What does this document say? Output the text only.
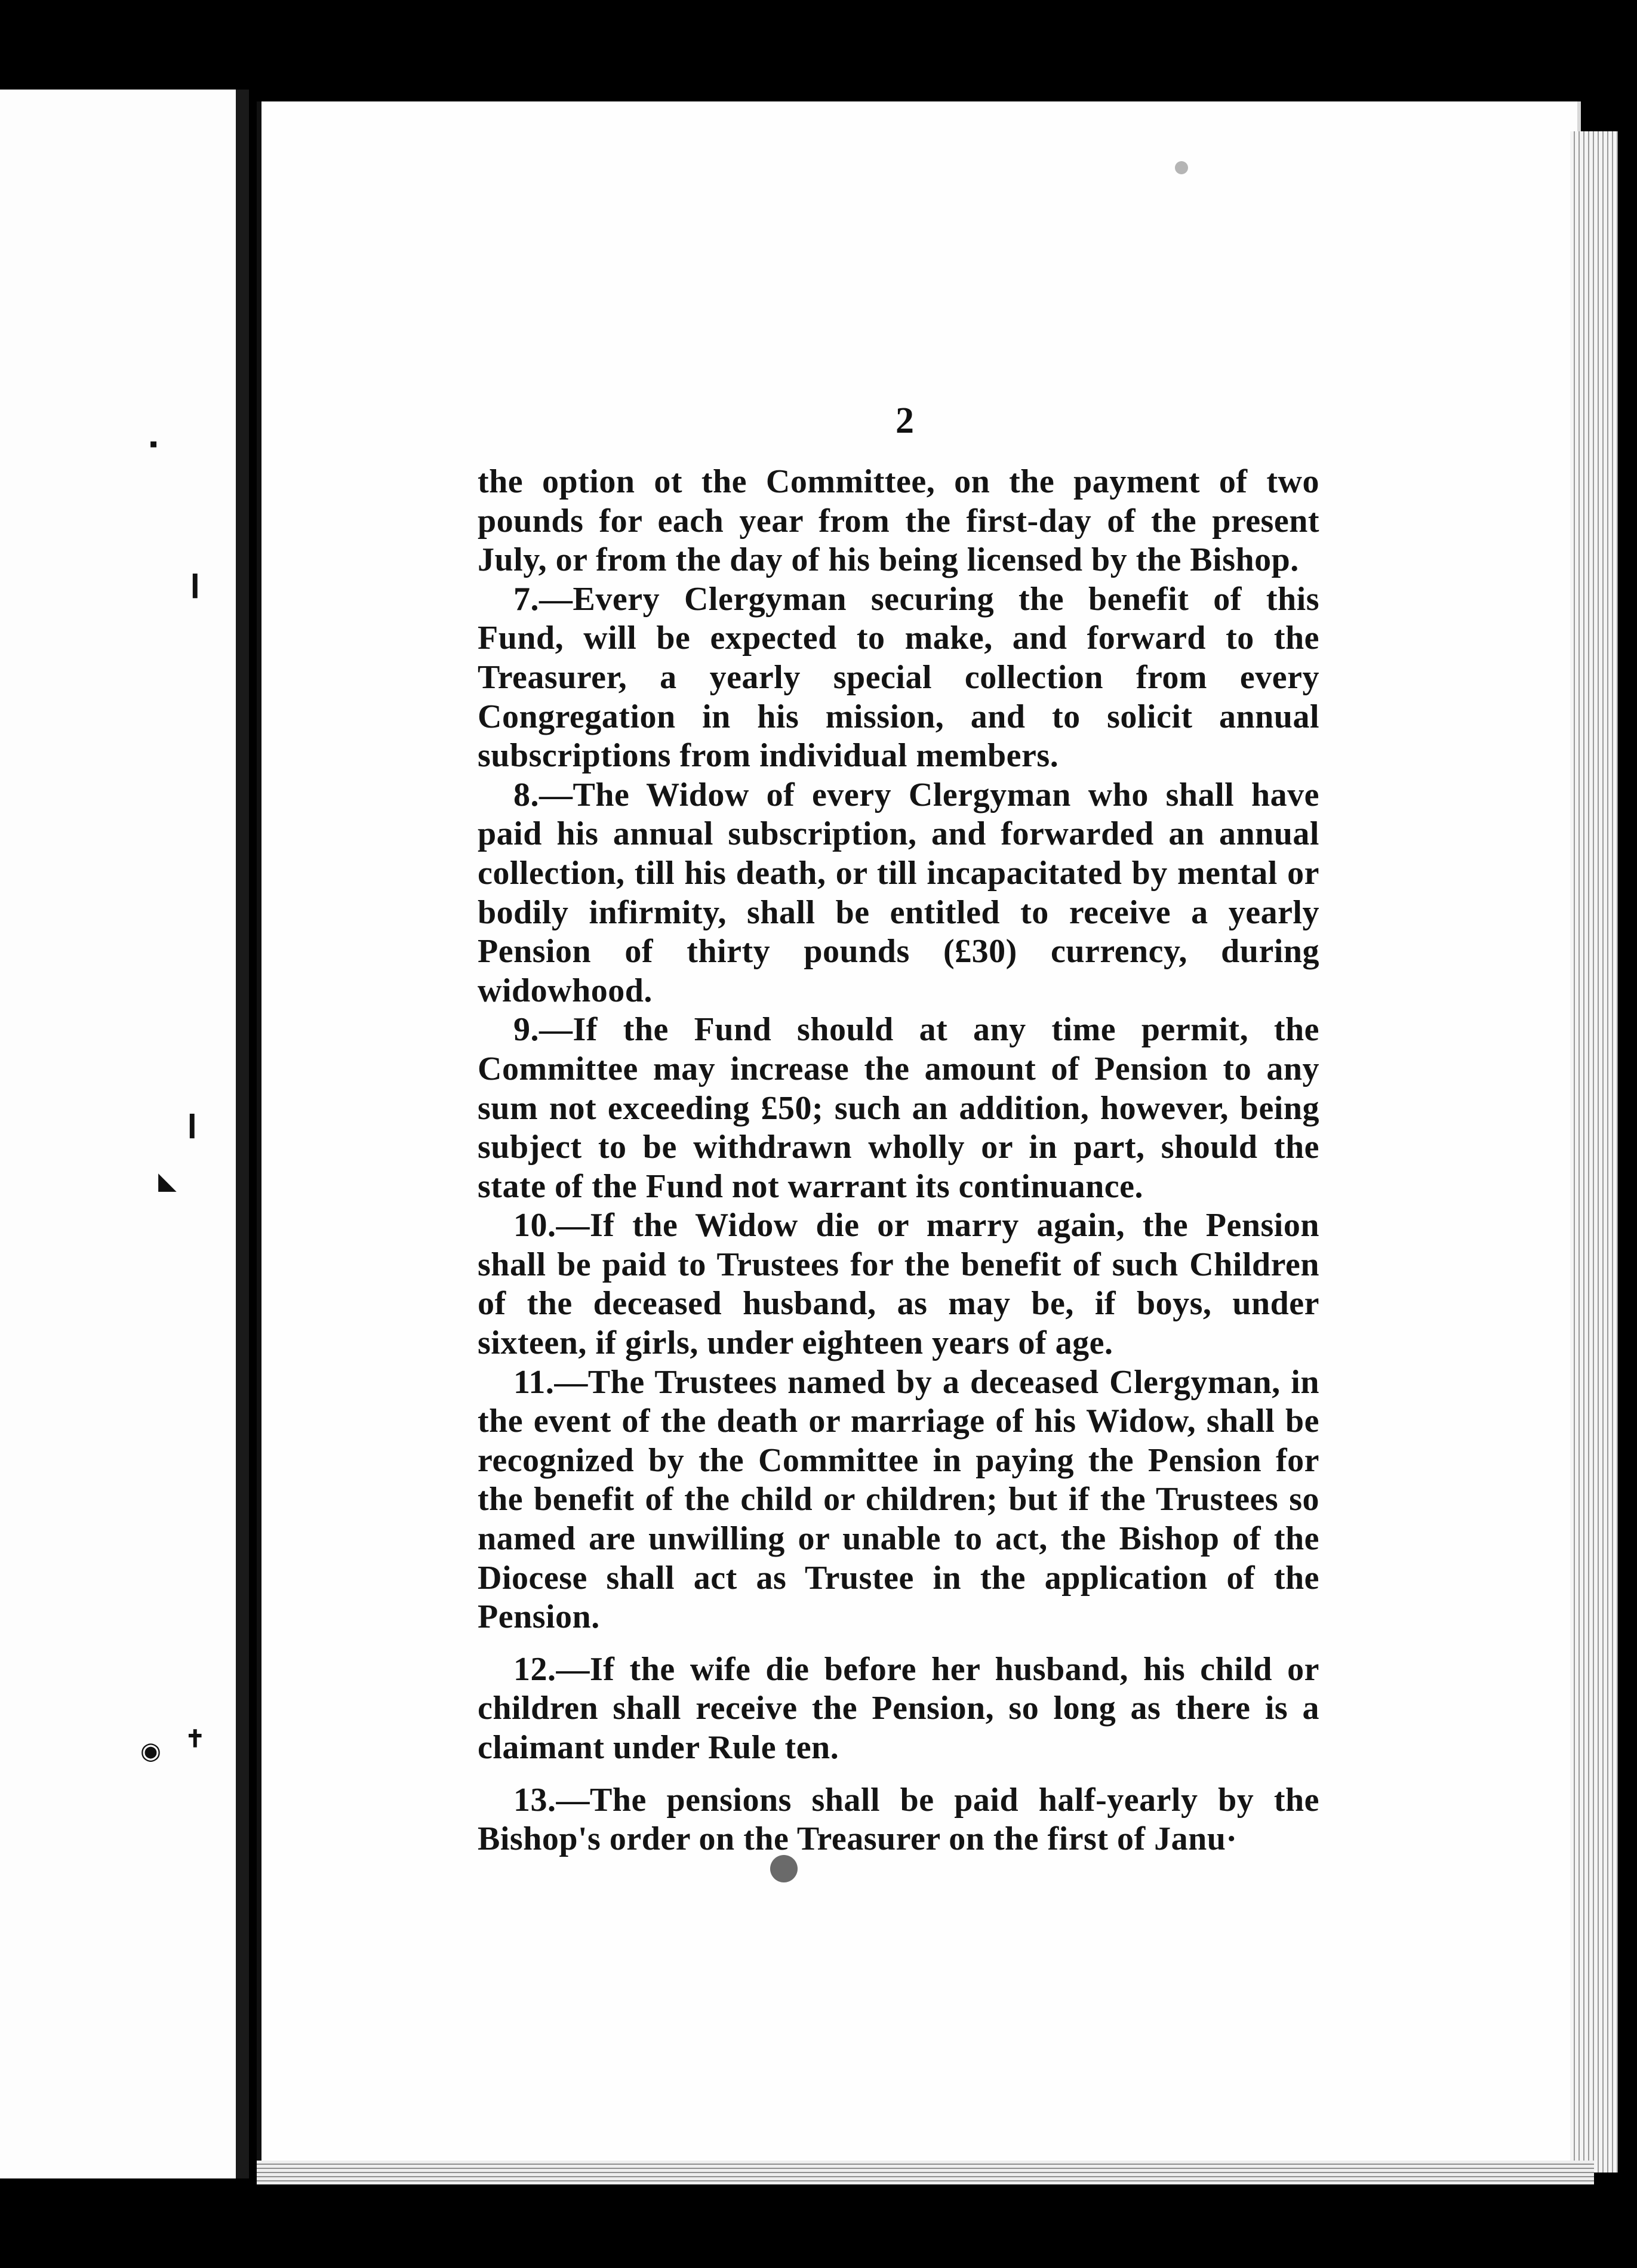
▪
❙
❙
◣
◉ ✝
2

the option ot the Committee, on the payment of two pounds for each year from the first-day of the present July, or from the day of his being licensed by the Bishop.

7.—Every Clergyman securing the benefit of this Fund, will be expected to make, and forward to the Treasurer, a yearly special collection from every Congregation in his mission, and to solicit annual subscriptions from individual members.

8.—The Widow of every Clergyman who shall have paid his annual subscription, and forwarded an annual collection, till his death, or till incapacitated by mental or bodily infirmity, shall be entitled to receive a yearly Pension of thirty pounds (£30) currency, during widowhood.

9.—If the Fund should at any time permit, the Committee may increase the amount of Pension to any sum not exceeding £50; such an addition, however, being subject to be withdrawn wholly or in part, should the state of the Fund not warrant its continuance.

10.—If the Widow die or marry again, the Pension shall be paid to Trustees for the benefit of such Children of the deceased husband, as may be, if boys, under sixteen, if girls, under eighteen years of age.

11.—The Trustees named by a deceased Clergyman, in the event of the death or marriage of his Widow, shall be recognized by the Committee in paying the Pension for the benefit of the child or children; but if the Trustees so named are unwilling or unable to act, the Bishop of the Diocese shall act as Trustee in the application of the Pension.

12.—If the wife die before her husband, his child or children shall receive the Pension, so long as there is a claimant under Rule ten.

13.—The pensions shall be paid half-yearly by the Bishop's order on the Treasurer on the first of Janu·
